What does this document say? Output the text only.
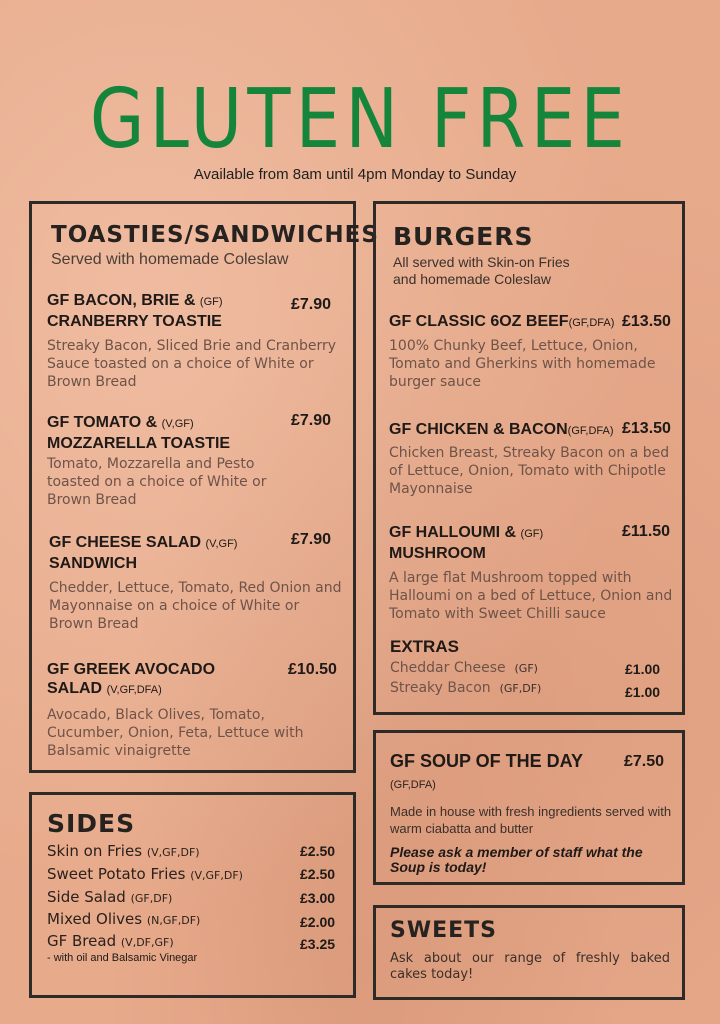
GLUTEN FREE
Available from 8am until 4pm Monday to Sunday
TOASTIES/SANDWICHES
Served with homemade Coleslaw
GF BACON, BRIE & (GF)
CRANBERRY TOASTIE
Streaky Bacon, Sliced Brie and Cranberry Sauce toasted on a choice of White or Brown Bread
£7.90
GF TOMATO & (V,GF)
MOZZARELLA TOASTIE
Tomato, Mozzarella and Pesto toasted on a choice of White or Brown Bread
£7.90
GF CHEESE SALAD (V,GF)
SANDWICH
Chedder, Lettuce, Tomato, Red Onion and Mayonnaise on a choice of White or Brown Bread
£7.90
GF GREEK AVOCADO
SALAD (V,GF,DFA)
Avocado, Black Olives, Tomato, Cucumber, Onion, Feta, Lettuce with Balsamic vinaigrette
£10.50
BURGERS
All served with Skin-on Fries
and homemade Coleslaw
GF CLASSIC 6OZ BEEF(GF,DFA)
100% Chunky Beef, Lettuce, Onion, Tomato and Gherkins with homemade burger sauce
£13.50
GF CHICKEN & BACON(GF,DFA)
Chicken Breast, Streaky Bacon on a bed of Lettuce, Onion, Tomato with Chipotle Mayonnaise
£13.50
GF HALLOUMI & (GF)
MUSHROOM
A large flat Mushroom topped with Halloumi on a bed of Lettuce, Onion and Tomato with Sweet Chilli sauce
£11.50
EXTRAS
Cheddar Cheese (GF)	£1.00
Streaky Bacon (GF,DF)	£1.00
GF SOUP OF THE DAY	£7.50
(GF,DFA)
Made in house with fresh ingredients served with warm ciabatta and butter
Please ask a member of staff what the Soup is today!
SIDES
Skin on Fries (V,GF,DF)	£2.50
Sweet Potato Fries (V,GF,DF)	£2.50
Side Salad (GF,DF)	£3.00
Mixed Olives (N,GF,DF)	£2.00
GF Bread (V,DF,GF)	£3.25
- with oil and Balsamic Vinegar
SWEETS
Ask about our range of freshly baked cakes today!
